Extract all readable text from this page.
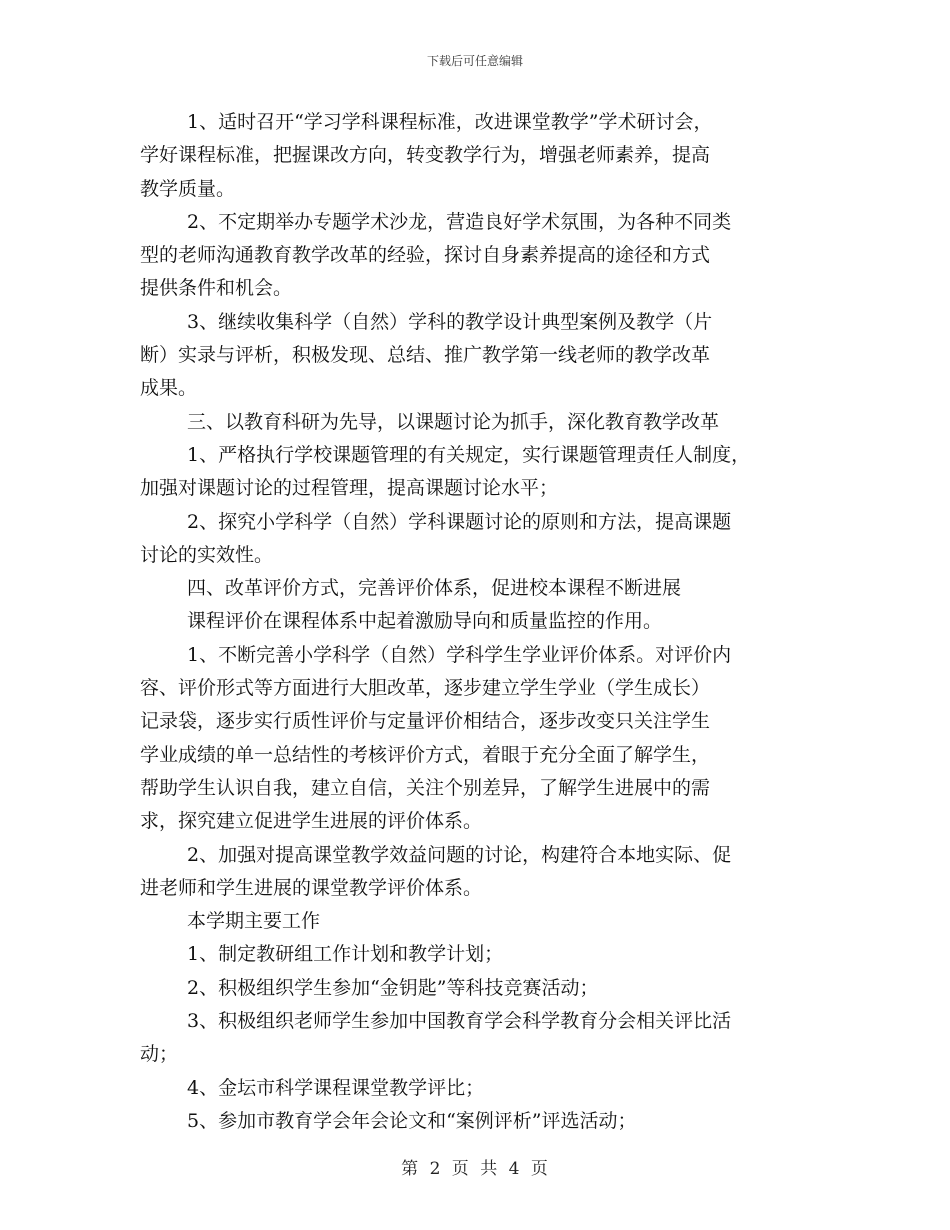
下载后可任意编辑
1、适时召开“学习学科课程标准，改进课堂教学”学术研讨会，
学好课程标准，把握课改方向，转变教学行为，增强老师素养，提高
教学质量。
2、不定期举办专题学术沙龙，营造良好学术氛围，为各种不同类
型的老师沟通教育教学改革的经验，探讨自身素养提高的途径和方式
提供条件和机会。
3、继续收集科学（自然）学科的教学设计典型案例及教学（片
断）实录与评析，积极发现、总结、推广教学第一线老师的教学改革
成果。
三、以教育科研为先导，以课题讨论为抓手，深化教育教学改革
1、严格执行学校课题管理的有关规定，实行课题管理责任人制度，
加强对课题讨论的过程管理，提高课题讨论水平；
2、探究小学科学（自然）学科课题讨论的原则和方法，提高课题
讨论的实效性。
四、改革评价方式，完善评价体系，促进校本课程不断进展
课程评价在课程体系中起着激励导向和质量监控的作用。
1、不断完善小学科学（自然）学科学生学业评价体系。对评价内
容、评价形式等方面进行大胆改革，逐步建立学生学业（学生成长）
记录袋，逐步实行质性评价与定量评价相结合，逐步改变只关注学生
学业成绩的单一总结性的考核评价方式，着眼于充分全面了解学生，
帮助学生认识自我，建立自信，关注个别差异，了解学生进展中的需
求，探究建立促进学生进展的评价体系。
2、加强对提高课堂教学效益问题的讨论，构建符合本地实际、促
进老师和学生进展的课堂教学评价体系。
本学期主要工作
1、制定教研组工作计划和教学计划；
2、积极组织学生参加“金钥匙”等科技竞赛活动；
3、积极组织老师学生参加中国教育学会科学教育分会相关评比活
动；
4、金坛市科学课程课堂教学评比；
5、参加市教育学会年会论文和“案例评析”评选活动；
第 2 页 共 4 页
